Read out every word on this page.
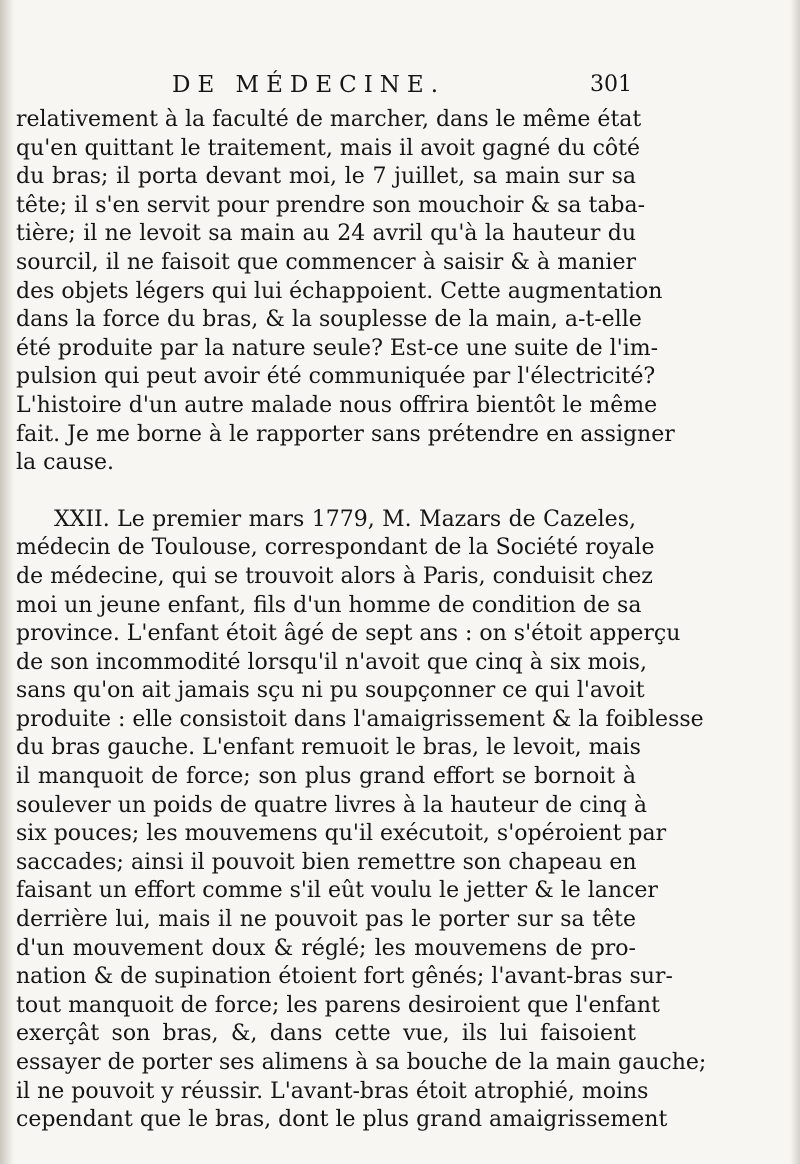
DE MÉDECINE.	301

relativement à la faculté de marcher, dans le même état

qu'en quittant le traitement, mais il avoit gagné du côté

du bras; il porta devant moi, le 7 juillet, sa main sur sa

tête; il s'en servit pour prendre son mouchoir & sa taba-

tière; il ne levoit sa main au 24 avril qu'à la hauteur du

sourcil, il ne faisoit que commencer à saisir & à manier

des objets légers qui lui échappoient. Cette augmentation

dans la force du bras, & la souplesse de la main, a-t-elle

été produite par la nature seule? Est-ce une suite de l'im-

pulsion qui peut avoir été communiquée par l'électricité?

L'histoire d'un autre malade nous offrira bientôt le même

fait. Je me borne à le rapporter sans prétendre en assigner

la cause.

XXII. Le premier mars 1779, M. Mazars de Cazeles,

médecin de Toulouse, correspondant de la Société royale

de médecine, qui se trouvoit alors à Paris, conduisit chez

moi un jeune enfant, fils d'un homme de condition de sa

province. L'enfant étoit âgé de sept ans : on s'étoit apperçu

de son incommodité lorsqu'il n'avoit que cinq à six mois,

sans qu'on ait jamais sçu ni pu soupçonner ce qui l'avoit

produite : elle consistoit dans l'amaigrissement & la foiblesse

du bras gauche. L'enfant remuoit le bras, le levoit, mais

il manquoit de force; son plus grand effort se bornoit à

soulever un poids de quatre livres à la hauteur de cinq à

six pouces; les mouvemens qu'il exécutoit, s'opéroient par

saccades; ainsi il pouvoit bien remettre son chapeau en

faisant un effort comme s'il eût voulu le jetter & le lancer

derrière lui, mais il ne pouvoit pas le porter sur sa tête

d'un mouvement doux & réglé; les mouvemens de pro-

nation & de supination étoient fort gênés; l'avant-bras sur-

tout manquoit de force; les parens desiroient que l'enfant

exerçât son bras, &, dans cette vue, ils lui faisoient

essayer de porter ses alimens à sa bouche de la main gauche;

il ne pouvoit y réussir. L'avant-bras étoit atrophié, moins

cependant que le bras, dont le plus grand amaigrissement
